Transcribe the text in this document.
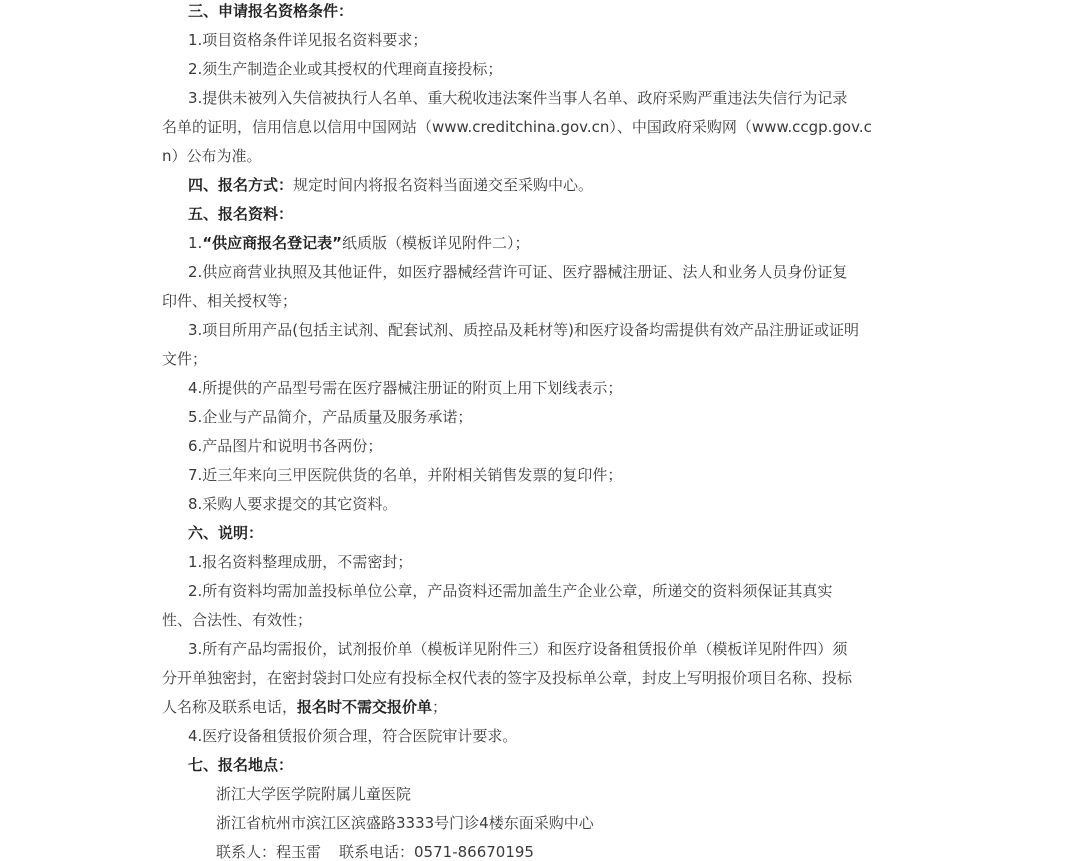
三、申请报名资格条件：
1.项目资格条件详见报名资料要求；
2.须生产制造企业或其授权的代理商直接投标；
3.提供未被列入失信被执行人名单、重大税收违法案件当事人名单、政府采购严重违法失信行为记录
名单的证明，信用信息以信用中国网站（www.creditchina.gov.cn）、中国政府采购网（www.ccgp.gov.c
n）公布为准。
四、报名方式：规定时间内将报名资料当面递交至采购中心。
五、报名资料：
1.“供应商报名登记表”纸质版（模板详见附件二）；
2.供应商营业执照及其他证件，如医疗器械经营许可证、医疗器械注册证、法人和业务人员身份证复
印件、相关授权等；
3.项目所用产品(包括主试剂、配套试剂、质控品及耗材等)和医疗设备均需提供有效产品注册证或证明
文件；
4.所提供的产品型号需在医疗器械注册证的附页上用下划线表示；
5.企业与产品简介，产品质量及服务承诺；
6.产品图片和说明书各两份；
7.近三年来向三甲医院供货的名单，并附相关销售发票的复印件；
8.采购人要求提交的其它资料。
六、说明：
1.报名资料整理成册，不需密封；
2.所有资料均需加盖投标单位公章，产品资料还需加盖生产企业公章，所递交的资料须保证其真实
性、合法性、有效性；
3.所有产品均需报价，试剂报价单（模板详见附件三）和医疗设备租赁报价单（模板详见附件四）须
分开单独密封，在密封袋封口处应有投标全权代表的签字及投标单公章，封皮上写明报价项目名称、投标
人名称及联系电话，报名时不需交报价单；
4.医疗设备租赁报价须合理，符合医院审计要求。
七、报名地点：
浙江大学医学院附属儿童医院
浙江省杭州市滨江区滨盛路3333号门诊4楼东面采购中心
联系人：程玉雷 联系电话：0571-86670195
